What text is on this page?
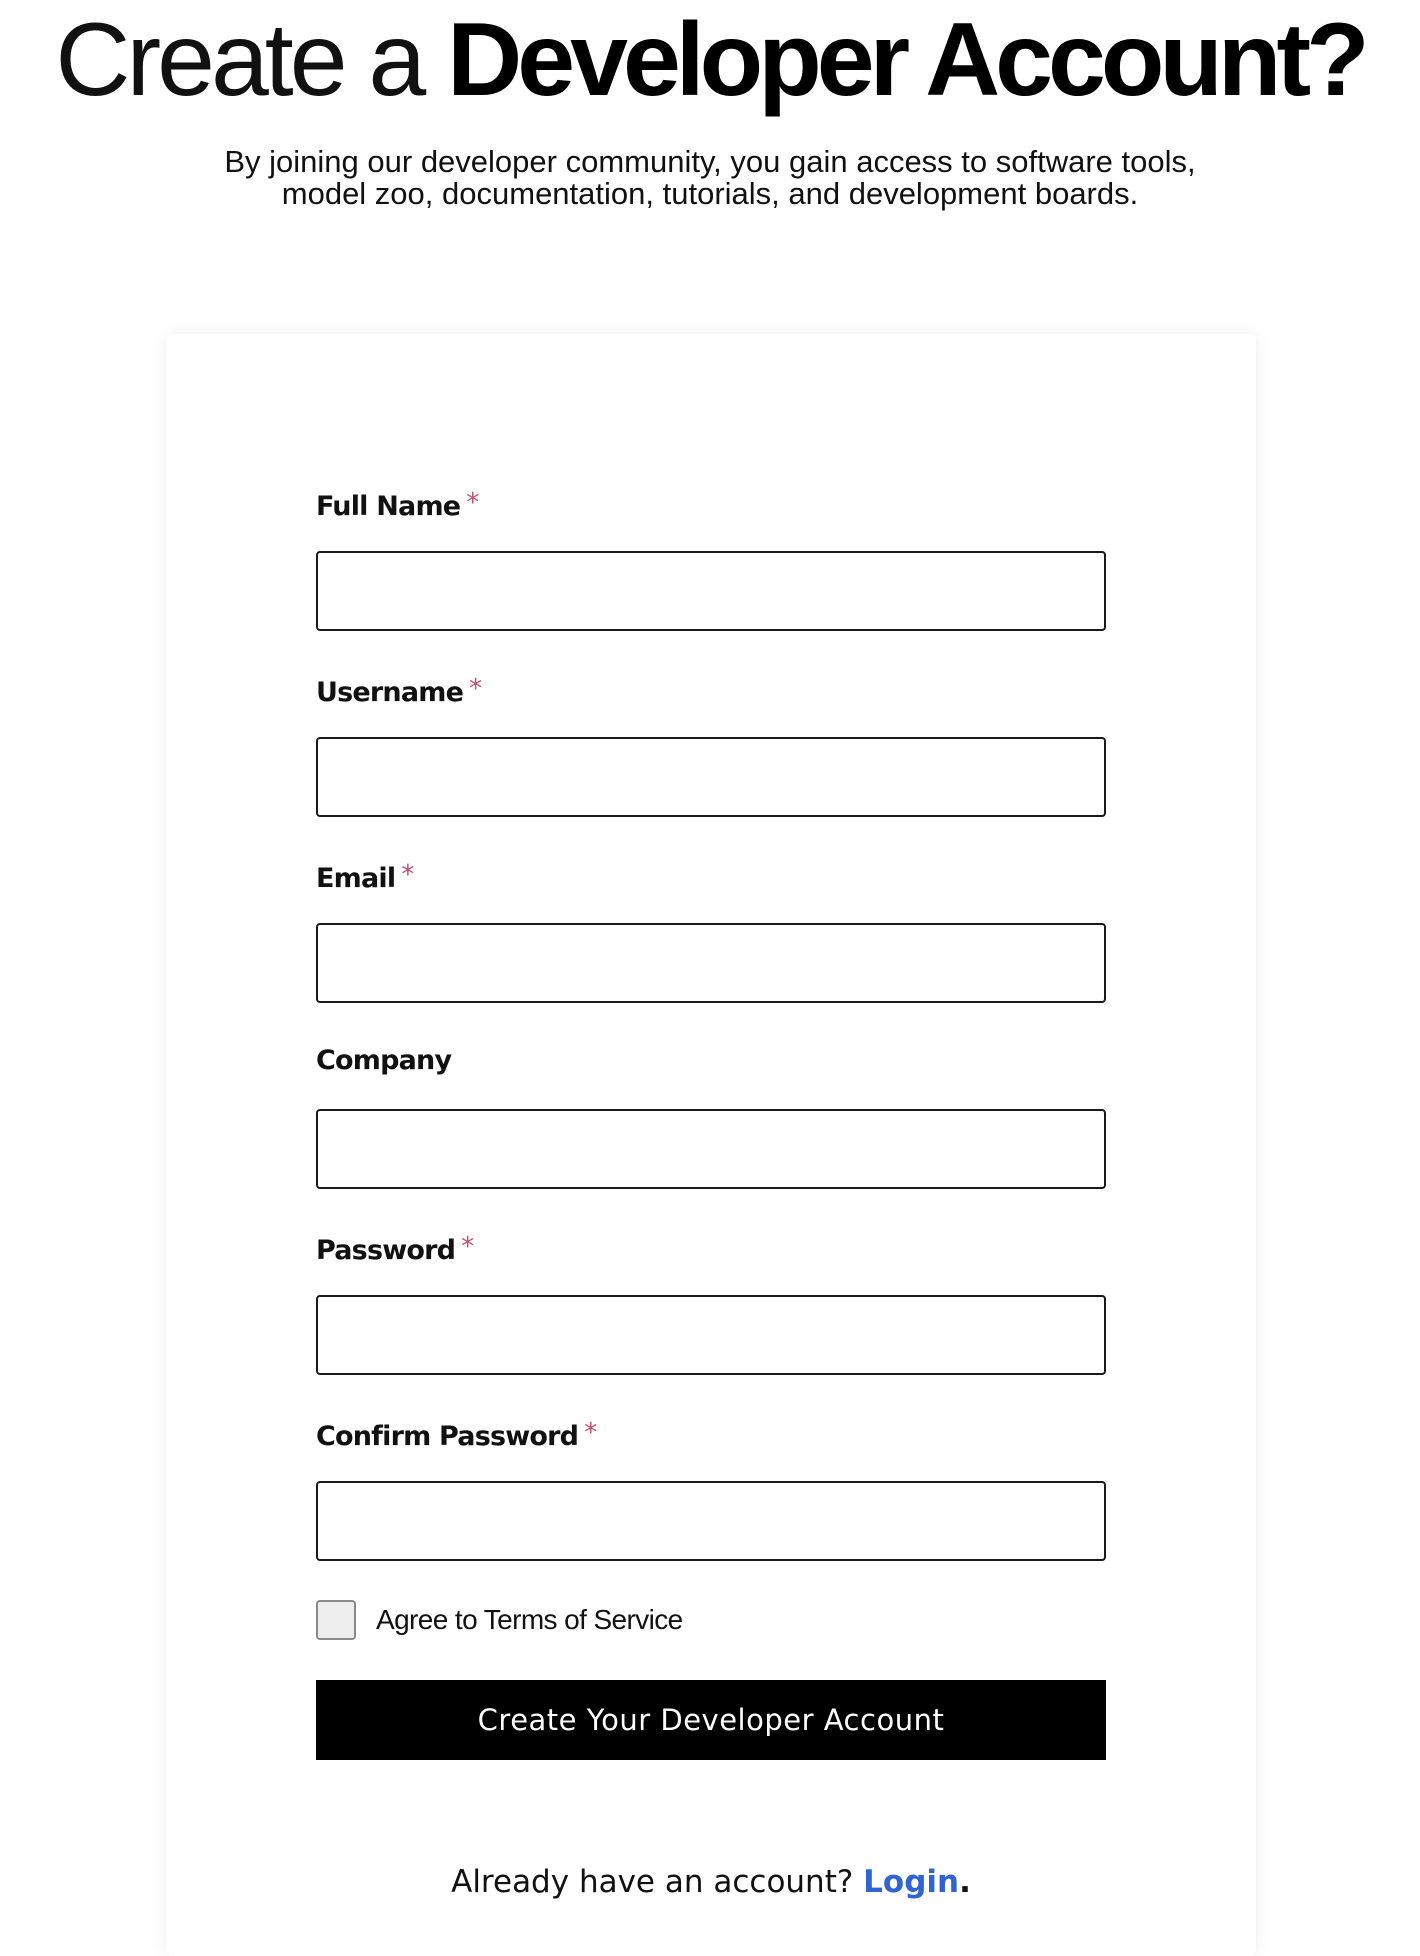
Create a Developer Account?

By joining our developer community, you gain access to software tools,
model zoo, documentation, tutorials, and development boards.

Full Name *
Username *
Email *
Company
Password *
Confirm Password *
Agree to Terms of Service
Create Your Developer Account
Already have an account? Login.
